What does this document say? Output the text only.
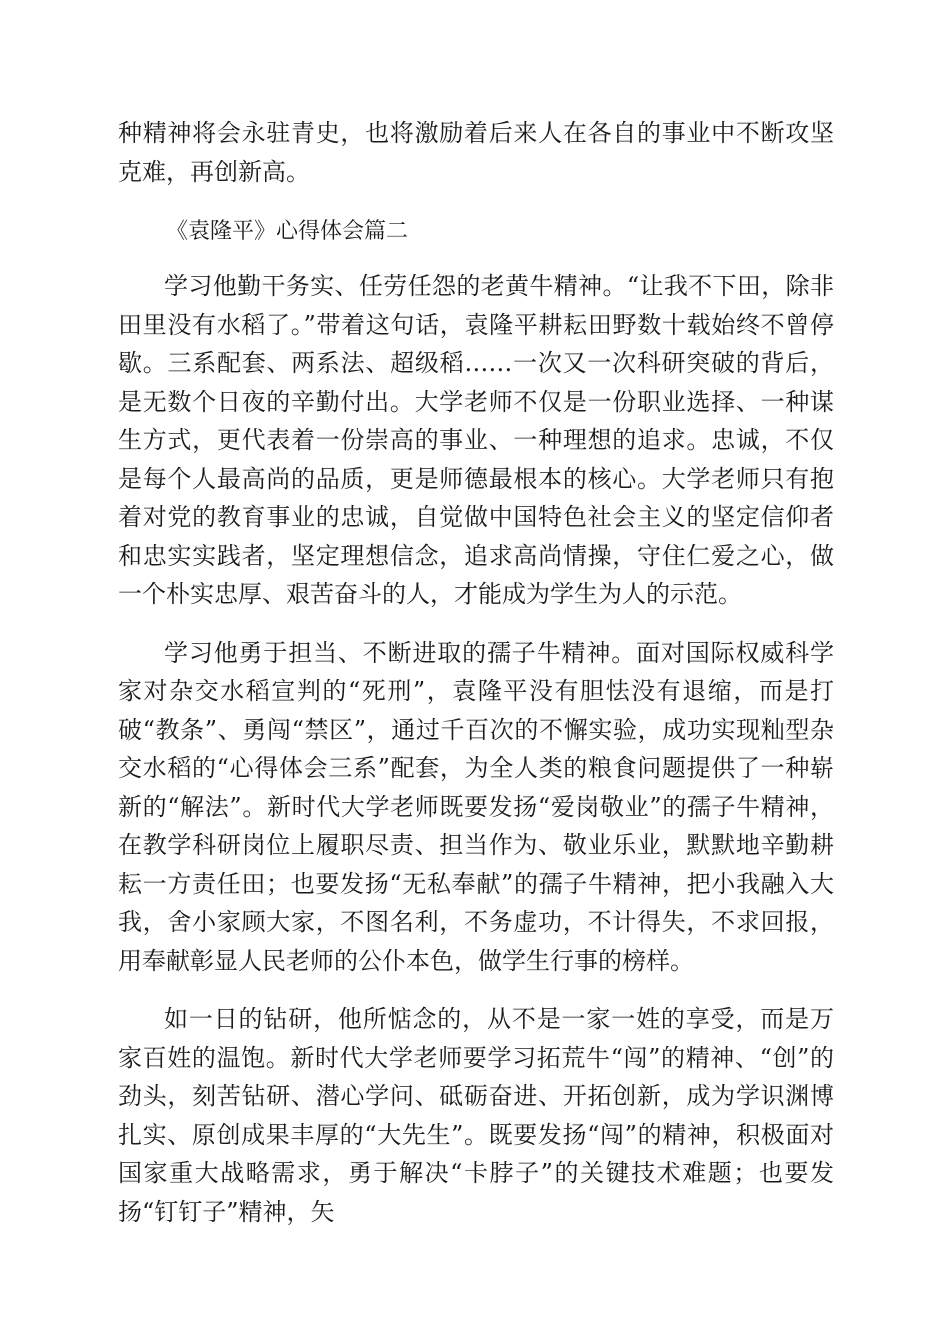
种精神将会永驻青史，也将激励着后来人在各自的事业中不断攻坚克难，再创新高。

《袁隆平》心得体会篇二

学习他勤干务实、任劳任怨的老黄牛精神。“让我不下田，除非田里没有水稻了。”带着这句话，袁隆平耕耘田野数十载始终不曾停歇。三系配套、两系法、超级稻……一次又一次科研突破的背后，是无数个日夜的辛勤付出。大学老师不仅是一份职业选择、一种谋生方式，更代表着一份崇高的事业、一种理想的追求。忠诚，不仅是每个人最高尚的品质，更是师德最根本的核心。大学老师只有抱着对党的教育事业的忠诚，自觉做中国特色社会主义的坚定信仰者和忠实实践者，坚定理想信念，追求高尚情操，守住仁爱之心，做一个朴实忠厚、艰苦奋斗的人，才能成为学生为人的示范。

学习他勇于担当、不断进取的孺子牛精神。面对国际权威科学家对杂交水稻宣判的“死刑”，袁隆平没有胆怯没有退缩，而是打破“教条”、勇闯“禁区”，通过千百次的不懈实验，成功实现籼型杂交水稻的“心得体会三系”配套，为全人类的粮食问题提供了一种崭新的“解法”。新时代大学老师既要发扬“爱岗敬业”的孺子牛精神，在教学科研岗位上履职尽责、担当作为、敬业乐业，默默地辛勤耕耘一方责任田；也要发扬“无私奉献”的孺子牛精神，把小我融入大我，舍小家顾大家，不图名利，不务虚功，不计得失，不求回报，用奉献彰显人民老师的公仆本色，做学生行事的榜样。

如一日的钻研，他所惦念的，从不是一家一姓的享受，而是万家百姓的温饱。新时代大学老师要学习拓荒牛“闯”的精神、“创”的劲头，刻苦钻研、潜心学问、砥砺奋进、开拓创新，成为学识渊博扎实、原创成果丰厚的“大先生”。既要发扬“闯”的精神，积极面对国家重大战略需求，勇于解决“卡脖子”的关键技术难题；也要发扬“钉钉子”精神，矢
